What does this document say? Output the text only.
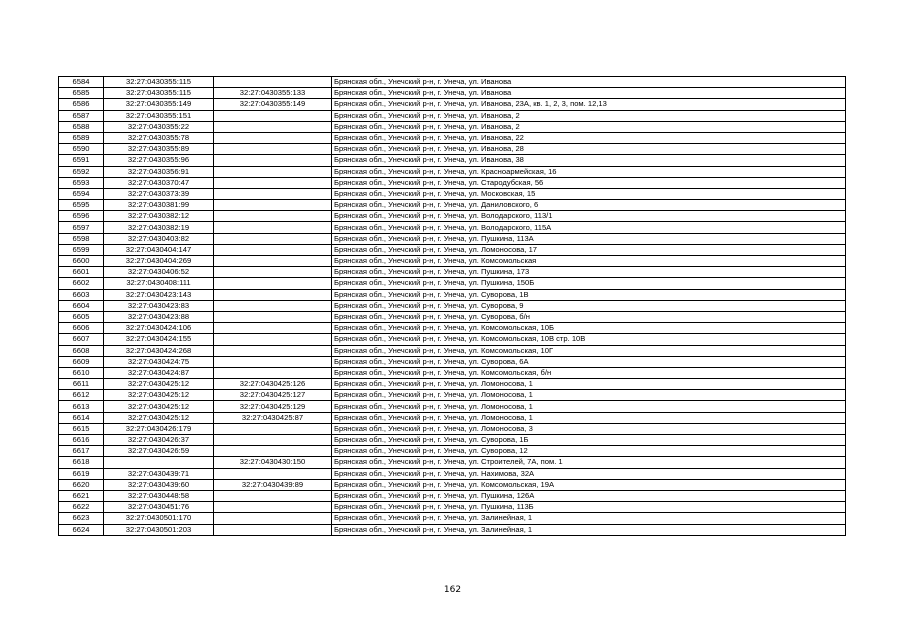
6584	32:27:0430355:115		Брянская обл., Унечский р-н, г. Унеча, ул. Иванова
6585	32:27:0430355:115	32:27:0430355:133	Брянская обл., Унечский р-н, г. Унеча, ул. Иванова
6586	32:27:0430355:149	32:27:0430355:149	Брянская обл., Унечский р-н, г. Унеча, ул. Иванова, 23А, кв. 1, 2, 3, пом. 12,13
6587	32:27:0430355:151		Брянская обл., Унечский р-н, г. Унеча, ул. Иванова, 2
6588	32:27:0430355:22		Брянская обл., Унечский р-н, г. Унеча, ул. Иванова, 2
6589	32:27:0430355:78		Брянская обл., Унечский р-н, г. Унеча, ул. Иванова, 22
6590	32:27:0430355:89		Брянская обл., Унечский р-н, г. Унеча, ул. Иванова, 28
6591	32:27:0430355:96		Брянская обл., Унечский р-н, г. Унеча, ул. Иванова, 38
6592	32:27:0430356:91		Брянская обл., Унечский р-н, г. Унеча, ул. Красноармейская, 16
6593	32:27:0430370:47		Брянская обл., Унечский р-н, г. Унеча, ул. Стародубская, 56
6594	32:27:0430373:39		Брянская обл., Унечский р-н, г. Унеча, ул. Московская, 15
6595	32:27:0430381:99		Брянская обл., Унечский р-н, г. Унеча, ул. Даниловского, 6
6596	32:27:0430382:12		Брянская обл., Унечский р-н, г. Унеча, ул. Володарского, 113/1
6597	32:27:0430382:19		Брянская обл., Унечский р-н, г. Унеча, ул. Володарского, 115А
6598	32:27:0430403:82		Брянская обл., Унечский р-н, г. Унеча, ул. Пушкина, 113А
6599	32:27:0430404:147		Брянская обл., Унечский р-н, г. Унеча, ул. Ломоносова, 17
6600	32:27:0430404:269		Брянская обл., Унечский р-н, г. Унеча, ул. Комсомольская
6601	32:27:0430406:52		Брянская обл., Унечский р-н, г. Унеча, ул. Пушкина, 173
6602	32:27:0430408:111		Брянская обл., Унечский р-н, г. Унеча, ул. Пушкина, 150Б
6603	32:27:0430423:143		Брянская обл., Унечский р-н, г. Унеча, ул. Суворова, 1В
6604	32:27:0430423:83		Брянская обл., Унечский р-н, г. Унеча, ул. Суворова, 9
6605	32:27:0430423:88		Брянская обл., Унечский р-н, г. Унеча, ул. Суворова, б/н
6606	32:27:0430424:106		Брянская обл., Унечский р-н, г. Унеча, ул. Комсомольская, 10Б
6607	32:27:0430424:155		Брянская обл., Унечский р-н, г. Унеча, ул. Комсомольская, 10В стр. 10В
6608	32:27:0430424:268		Брянская обл., Унечский р-н, г. Унеча, ул. Комсомольская, 10Г
6609	32:27:0430424:75		Брянская обл., Унечский р-н, г. Унеча, ул. Суворова, 6А
6610	32:27:0430424:87		Брянская обл., Унечский р-н, г. Унеча, ул. Комсомольская, б/н
6611	32:27:0430425:12	32:27:0430425:126	Брянская обл., Унечский р-н, г. Унеча, ул. Ломоносова, 1
6612	32:27:0430425:12	32:27:0430425:127	Брянская обл., Унечский р-н, г. Унеча, ул. Ломоносова, 1
6613	32:27:0430425:12	32:27:0430425:129	Брянская обл., Унечский р-н, г. Унеча, ул. Ломоносова, 1
6614	32:27:0430425:12	32:27:0430425:87	Брянская обл., Унечский р-н, г. Унеча, ул. Ломоносова, 1
6615	32:27:0430426:179		Брянская обл., Унечский р-н, г. Унеча, ул. Ломоносова, 3
6616	32:27:0430426:37		Брянская обл., Унечский р-н, г. Унеча, ул. Суворова, 1Б
6617	32:27:0430426:59		Брянская обл., Унечский р-н, г. Унеча, ул. Суворова, 12
6618		32:27:0430430:150	Брянская обл., Унечский р-н, г. Унеча, ул. Строителей, 7А, пом. 1
6619	32:27:0430439:71		Брянская обл., Унечский р-н, г. Унеча, ул. Нахимова, 32А
6620	32:27:0430439:60	32:27:0430439:89	Брянская обл., Унечский р-н, г. Унеча, ул. Комсомольская, 19А
6621	32:27:0430448:58		Брянская обл., Унечский р-н, г. Унеча, ул. Пушкина, 126А
6622	32:27:0430451:76		Брянская обл., Унечский р-н, г. Унеча, ул. Пушкина, 113Б
6623	32:27:0430501:170		Брянская обл., Унечский р-н, г. Унеча, ул. Залинейная, 1
6624	32:27:0430501:203		Брянская обл., Унечский р-н, г. Унеча, ул. Залинейная, 1
162
